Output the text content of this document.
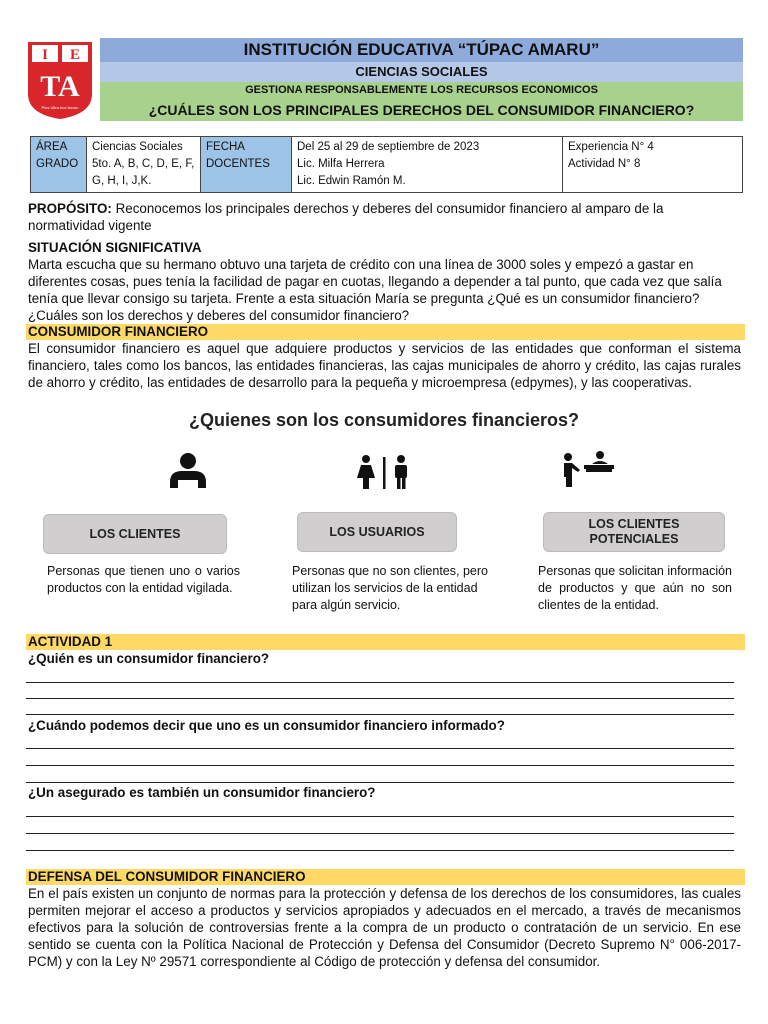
I E
TA
Plus Ultra hoc tecum
INSTITUCIÓN EDUCATIVA “TÚPAC AMARU”
CIENCIAS SOCIALES
GESTIONA RESPONSABLEMENTE LOS RECURSOS ECONOMICOS
¿CUÁLES SON LOS PRINCIPALES DERECHOS DEL CONSUMIDOR FINANCIERO?
ÁREA
GRADO

Ciencias Sociales
5to. A, B, C, D, E, F, G, H, I, J,K.

FECHA
DOCENTES

Del 25 al 29 de septiembre de 2023
Lic. Milfa Herrera
Lic. Edwin Ramón M.

Experiencia N° 4
Actividad N° 8
PROPÓSITO: Reconocemos los principales derechos y deberes del consumidor financiero al amparo de la normatividad vigente
SITUACIÓN SIGNIFICATIVA
Marta escucha que su hermano obtuvo una tarjeta de crédito con una línea de 3000 soles y empezó a gastar en diferentes cosas, pues tenía la facilidad de pagar en cuotas, llegando a depender a tal punto, que cada vez que salía tenía que llevar consigo su tarjeta. Frente a esta situación María se pregunta ¿Qué es un consumidor financiero? ¿Cuáles son los derechos y deberes del consumidor financiero?
CONSUMIDOR FINANCIERO
El consumidor financiero es aquel que adquiere productos y servicios de las entidades que conforman el sistema financiero, tales como los bancos, las entidades financieras, las cajas municipales de ahorro y crédito, las cajas rurales de ahorro y crédito, las entidades de desarrollo para la pequeña y microempresa (edpymes), y las cooperativas.
¿Quienes son los consumidores financieros?
LOS CLIENTES	LOS USUARIOS
LOS CLIENTES POTENCIALES
Personas que tienen uno o varios productos con la entidad vigilada.
Personas que no son clientes, pero utilizan los servicios de la entidad para algún servicio.
Personas que solicitan información de productos y que aún no son clientes de la entidad.
ACTIVIDAD 1
¿Quién es un consumidor financiero?
¿Cuándo podemos decir que uno es un consumidor financiero informado?
¿Un asegurado es también un consumidor financiero?
DEFENSA DEL CONSUMIDOR FINANCIERO
En el país existen un conjunto de normas para la protección y defensa de los derechos de los consumidores, las cuales permiten mejorar el acceso a productos y servicios apropiados y adecuados en el mercado, a través de mecanismos efectivos para la solución de controversias frente a la compra de un producto o contratación de un servicio. En ese sentido se cuenta con la Política Nacional de Protección y Defensa del Consumidor (Decreto Supremo N° 006-2017-PCM) y con la Ley Nº 29571 correspondiente al Código de protección y defensa del consumidor.
